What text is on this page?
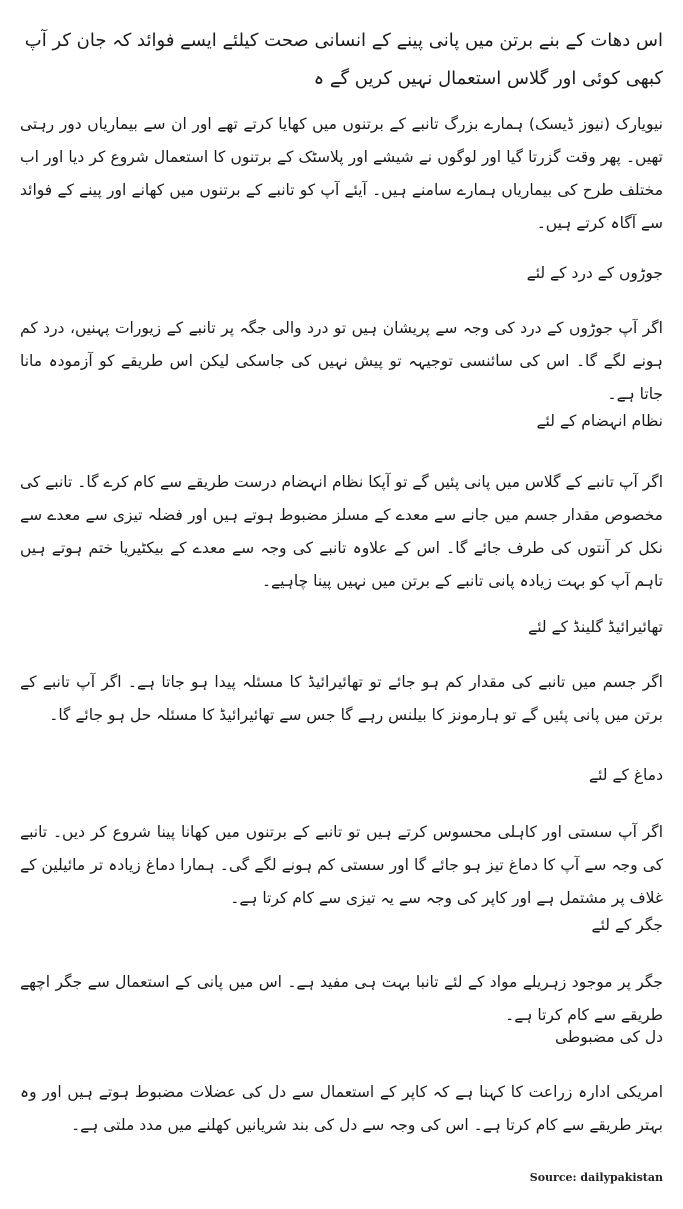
اس دھات کے بنے برتن میں پانی پینے کے انسانی صحت کیلئے ایسے فوائد کہ جان کر آپ کبھی کوئی اور گلاس استعمال نہیں کریں گے ہ
نیویارک (نیوز ڈیسک) ہمارے بزرگ تانبے کے برتنوں میں کھایا کرتے تھے اور ان سے بیماریاں دور رہتی تھیں۔ پھر وقت گزرتا گیا اور لوگوں نے شیشے اور پلاسٹک کے برتنوں کا استعمال شروع کر دیا اور اب مختلف طرح کی بیماریاں ہمارے سامنے ہیں۔ آیئے آپ کو تانبے کے برتنوں میں کھانے اور پینے کے فوائد سے آگاہ کرتے ہیں۔
جوڑوں کے درد کے لئے
اگر آپ جوڑوں کے درد کی وجہ سے پریشان ہیں تو درد والی جگہ پر تانبے کے زیورات پہنیں، درد کم ہونے لگے گا۔ اس کی سائنسی توجیہہ تو پیش نہیں کی جاسکی لیکن اس طریقے کو آزمودہ مانا جاتا ہے۔
نظام انہضام کے لئے
اگر آپ تانبے کے گلاس میں پانی پئیں گے تو آپکا نظام انہضام درست طریقے سے کام کرے گا۔ تانبے کی مخصوص مقدار جسم میں جانے سے معدے کے مسلز مضبوط ہوتے ہیں اور فضلہ تیزی سے معدے سے نکل کر آنتوں کی طرف جائے گا۔ اس کے علاوہ تانبے کی وجہ سے معدے کے بیکٹیریا ختم ہوتے ہیں تاہم آپ کو بہت زیادہ پانی تانبے کے برتن میں نہیں پینا چاہیے۔
تھائیرائیڈ گلینڈ کے لئے
اگر جسم میں تانبے کی مقدار کم ہو جائے تو تھائیرائیڈ کا مسئلہ پیدا ہو جاتا ہے۔ اگر آپ تانبے کے برتن میں پانی پئیں گے تو ہارمونز کا بیلنس رہے گا جس سے تھائیرائیڈ کا مسئلہ حل ہو جائے گا۔
دماغ کے لئے
اگر آپ سستی اور کاہلی محسوس کرتے ہیں تو تانبے کے برتنوں میں کھانا پینا شروع کر دیں۔ تانبے کی وجہ سے آپ کا دماغ تیز ہو جائے گا اور سستی کم ہونے لگے گی۔ ہمارا دماغ زیادہ تر مائیلین کے غلاف پر مشتمل ہے اور کاپر کی وجہ سے یہ تیزی سے کام کرتا ہے۔
جگر کے لئے
جگر پر موجود زہریلے مواد کے لئے تانبا بہت ہی مفید ہے۔ اس میں پانی کے استعمال سے جگر اچھے طریقے سے کام کرتا ہے۔
دل کی مضبوطی
امریکی ادارہ زراعت کا کہنا ہے کہ کاپر کے استعمال سے دل کی عضلات مضبوط ہوتے ہیں اور وہ بہتر طریقے سے کام کرتا ہے۔ اس کی وجہ سے دل کی بند شریانیں کھلنے میں مدد ملتی ہے۔
Source: dailypakistan
